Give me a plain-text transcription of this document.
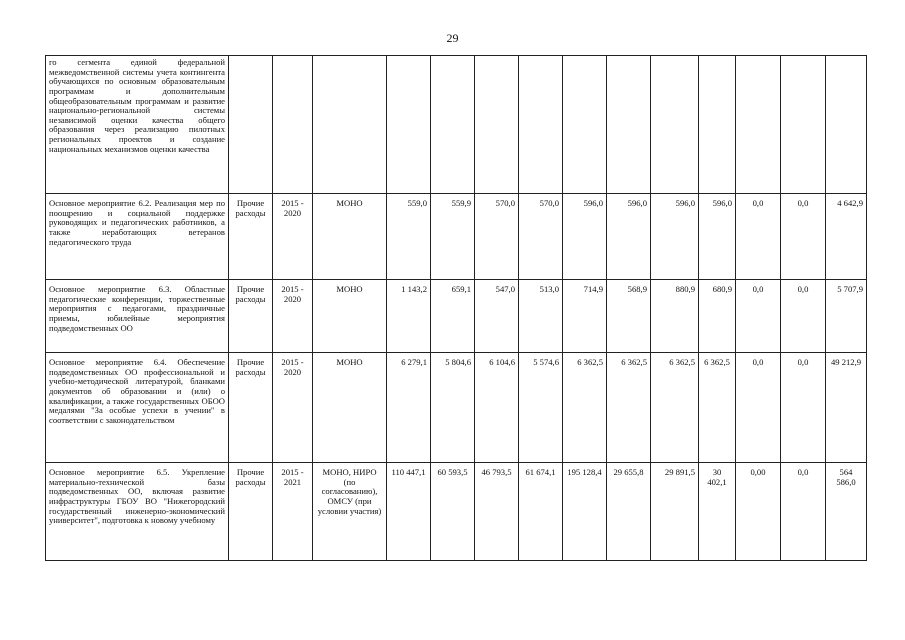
29
го сегмента единой федеральной межведомственной системы учета контингента обучающихся по основным образовательным программам и дополнительным общеобразовательным программам и развитие национально-региональной системы независимой оценки качества общего образования через реализацию пилотных региональных проектов и создание национальных механизмов оценки качества														
Основное мероприятие 6.2. Реализация мер по поощрению и социальной поддержке руководящих и педагогических работников, а также неработающих ветеранов педагогического труда	Прочие расходы	2015 - 2020	МОНО	559,0	559,9	570,0	570,0	596,0	596,0	596,0	596,0	0,0	0,0	4 642,9
Основное мероприятие 6.3. Областные педагогические конференции, торжественные мероприятия с педагогами, праздничные приемы, юбилейные мероприятия подведомственных ОО	Прочие расходы	2015 - 2020	МОНО	1 143,2	659,1	547,0	513,0	714,9	568,9	880,9	680,9	0,0	0,0	5 707,9
Основное мероприятие 6.4. Обеспечение подведомственных ОО профессиональной и учебно-методической литературой, бланками документов об образовании и (или) о квалификации, а также государственных ОБОО медалями "За особые успехи в учении" в соответствии с законодательством	Прочие расходы	2015 - 2020	МОНО	6 279,1	5 804,6	6 104,6	5 574,6	6 362,5	6 362,5	6 362,5	6 362,5	0,0	0,0	49 212,9
Основное мероприятие 6.5. Укрепление материально-технической базы подведомственных ОО, включая развитие инфраструктуры ГБОУ ВО "Нижегородский государственный инженерно-экономический университет", подготовка к новому учебному	Прочие расходы	2015 - 2021	МОНО, НИРО (по согласованию), ОМСУ (при условии участия)	110 447,1	60 593,5	46 793,5	61 674,1	195 128,4	29 655,8	29 891,5	30 402,1	0,00	0,0	564 586,0
